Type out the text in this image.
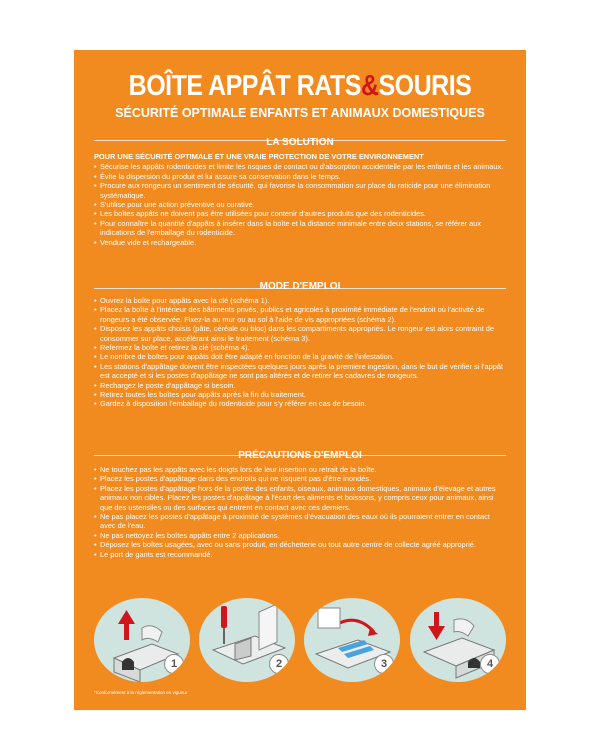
BOÎTE APPÂT RATS&SOURIS
SÉCURITÉ OPTIMALE ENFANTS ET ANIMAUX DOMESTIQUES
LA SOLUTION
POUR UNE SÉCURITÉ OPTIMALE ET UNE VRAIE PROTECTION DE VOTRE ENVIRONNEMENT
• Sécurise les appâts rodenticides et limite les risques de contact ou d'absorption accidentelle par les enfants et les animaux.
• Évite la dispersion du produit et lui assure sa conservation dans le temps.
• Procure aux rongeurs un sentiment de sécurité, qui favorise la consommation sur place du raticide pour une élimination systématique.
• S'utilise pour une action préventive ou curative.
• Les boîtes appâts ne doivent pas être utilisées pour contenir d'autres produits que des rodenticides.
• Pour connaître la quantité d'appâts à insérer dans la boîte et la distance minimale entre deux stations, se référer aux indications de l'emballage du rodenticide.
• Vendue vide et rechargeable.
MODE D'EMPLOI
• Ouvrez la boîte pour appâts avec la clé (schéma 1).
• Placez la boîte à l'intérieur des bâtiments privés, publics et agricoles à proximité immédiate de l'endroit où l'activité de rongeurs a été observée. Fixez-la au mur ou au sol à l'aide de vis appropriées (schéma 2).
• Disposez les appâts choisis (pâte, céréale ou bloc) dans les compartiments appropriés. Le rongeur est alors contraint de consommer sur place, accélérant ainsi le traitement (schéma 3).
• Refermez la boîte et retirez la clé (schéma 4).
• Le nombre de boîtes pour appâts doit être adapté en fonction de la gravité de l'infestation.
• Les stations d'appâtage doivent être inspectées quelques jours après la première ingestion, dans le but de vérifier si l'appât est accepté et si les postes d'appâtage ne sont pas altérés et de retirer les cadavres de rongeurs.
• Rechargez le poste d'appâtage si besoin.
• Retirez toutes les boîtes pour appâts après la fin du traitement.
• Gardez à disposition l'emballage du rodenticide pour s'y référer en cas de besoin.
PRÉCAUTIONS D'EMPLOI
• Ne touchez pas les appâts avec les doigts lors de leur insertion ou retrait de la boîte.
• Placez les postes d'appâtage dans des endroits qui ne risquent pas d'être inondés.
• Placez les postes d'appâtage hors de la portée des enfants, oiseaux, animaux domestiques, animaux d'élevage et autres animaux non cibles. Placez les postes d'appâtage à l'écart des aliments et boissons, y compris ceux pour animaux, ainsi que des ustensiles ou des surfaces qui entrent en contact avec ces derniers.
• Ne pas placez les postes d'appâtage à proximité de systèmes d'évacuation des eaux où ils pourraient entrer en contact avec de l'eau.
• Ne pas nettoyez les boîtes appâts entre 2 applications.
• Déposez les boîtes usagées, avec ou sans produit, en déchetterie ou tout autre centre de collecte agréé approprié.
• Le port de gants est recommandé.
1	2	3	4
*Conformément à la réglementation en vigueur
